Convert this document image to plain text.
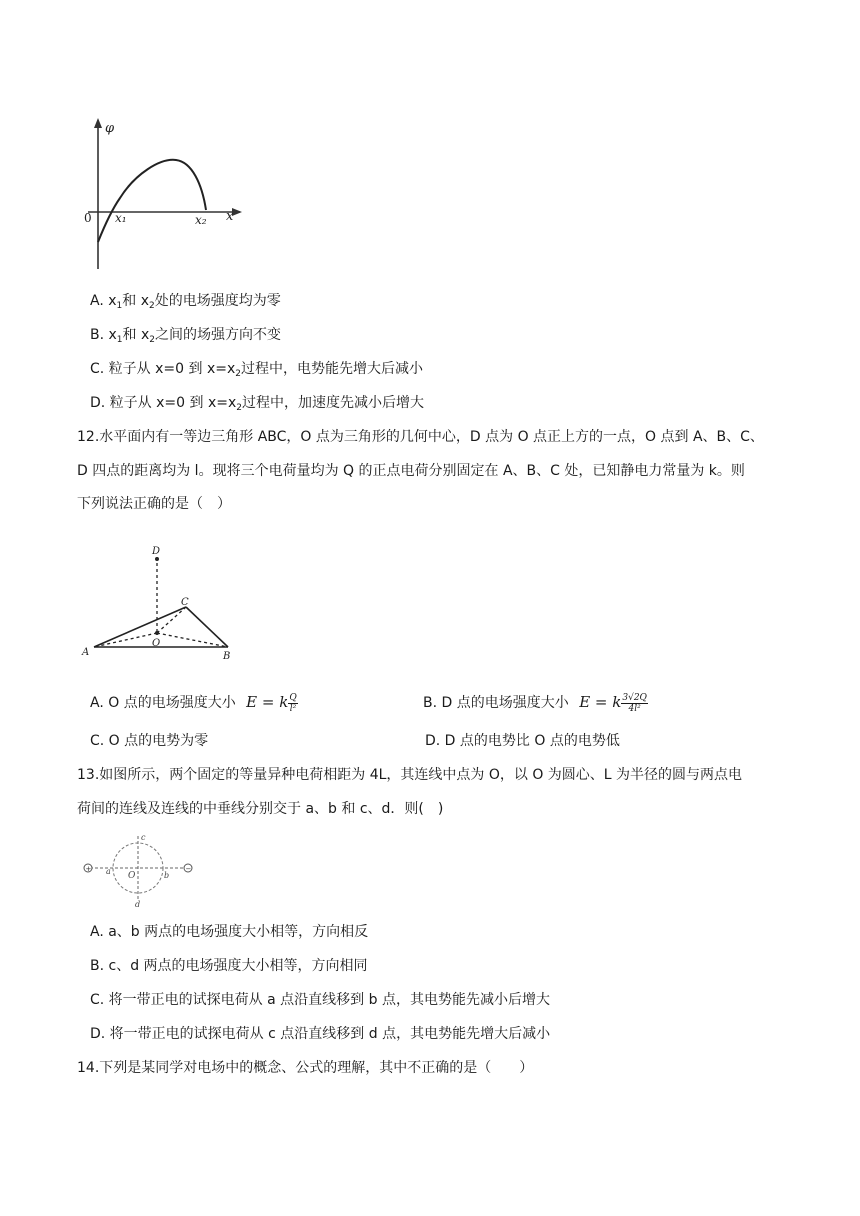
φ
0 x₁	x₂ x
A. $x_1$和 $x_2$处的电场强度均为零
B. $x_1$和 $x_2$之间的场强方向不变
C. 粒子从 x=0 到 $x=x_2$过程中，电势能先增大后减小
D. 粒子从 x=0 到 $x=x_2$过程中，加速度先减小后增大
12.水平面内有一等边三角形 ABC，O 点为三角形的几何中心，D 点为 O 点正上方的一点，O 点到 A、B、C、
D 四点的距离均为 l。现将三个电荷量均为 Q 的正点电荷分别固定在 A、B、C 处，已知静电力常量为 k。则
下列说法正确的是（　）
D
C
O
A	B
A. O 点的电场强度大小 E = k $\frac{Q}{\text{l²}}$	B. D 点的电场强度大小 E = k $\frac{3√2Q}{\text{4l²}}$
C. O 点的电势为零	D. D 点的电势比 O 点的电势低
13.如图所示，两个固定的等量异种电荷相距为 4L，其连线中点为 O，以 O 为圆心、L 为半径的圆与两点电
荷间的连线及连线的中垂线分别交于 a、b 和 c、d．则(　)
+	−
a O	b
c
d
A. a、b 两点的电场强度大小相等，方向相反
B. c、d 两点的电场强度大小相等，方向相同
C. 将一带正电的试探电荷从 a 点沿直线移到 b 点，其电势能先减小后增大
D. 将一带正电的试探电荷从 c 点沿直线移到 d 点，其电势能先增大后减小
14.下列是某同学对电场中的概念、公式的理解，其中不正确的是（　　）
